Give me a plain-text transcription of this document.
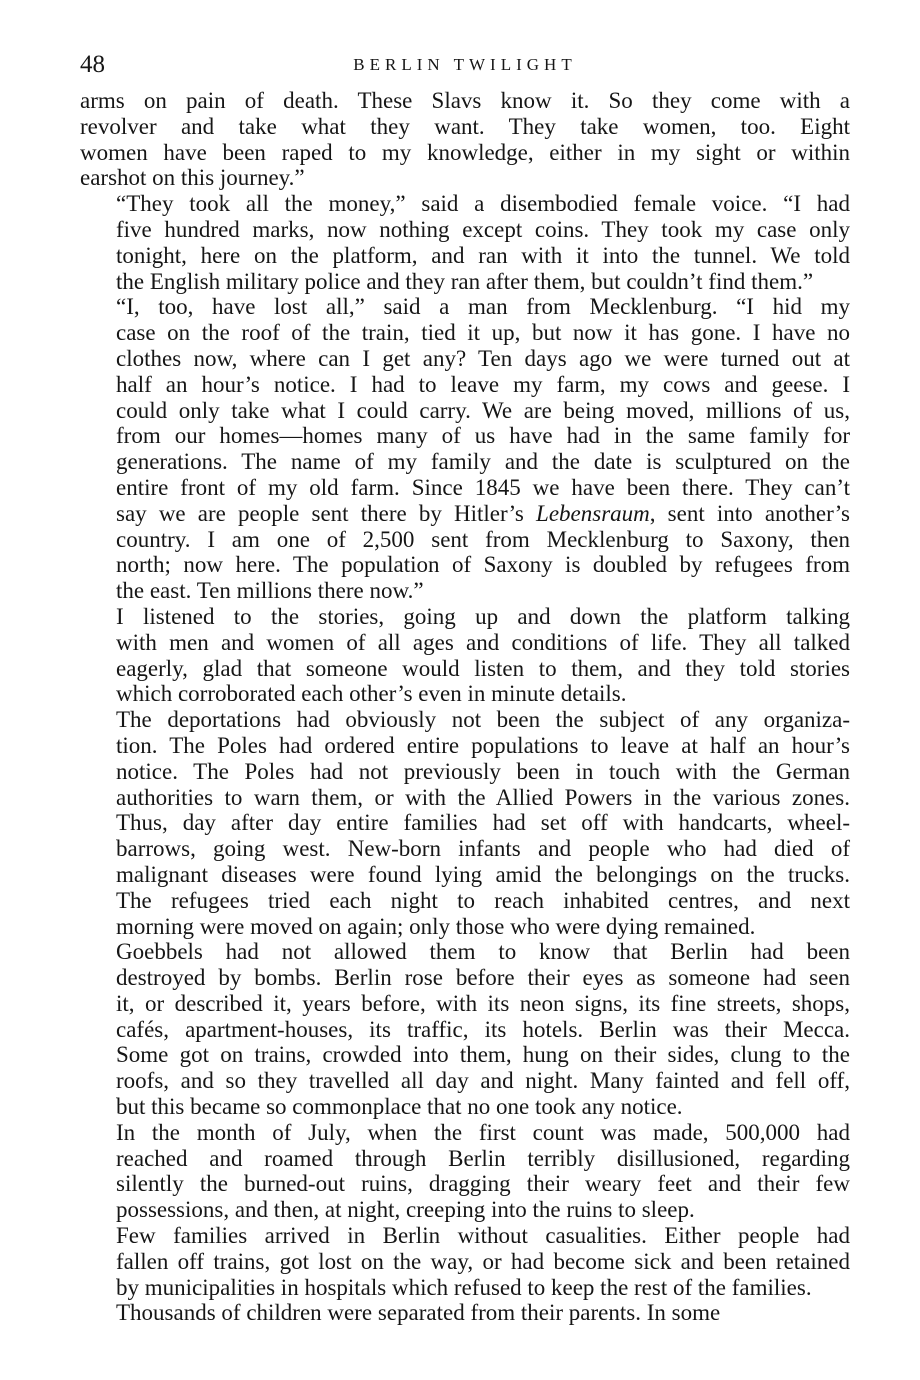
48	BERLIN TWILIGHT

arms on pain of death. These Slavs know it. So they come with a
revolver and take what they want. They take women, too. Eight
women have been raped to my knowledge, either in my sight or within
earshot on this journey.”

“They took all the money,” said a disembodied female voice. “I had
five hundred marks, now nothing except coins. They took my case only
tonight, here on the platform, and ran with it into the tunnel. We told
the English military police and they ran after them, but couldn’t find them.”

“I, too, have lost all,” said a man from Mecklenburg. “I hid my
case on the roof of the train, tied it up, but now it has gone. I have no
clothes now, where can I get any? Ten days ago we were turned out at
half an hour’s notice. I had to leave my farm, my cows and geese. I
could only take what I could carry. We are being moved, millions of us,
from our homes—homes many of us have had in the same family for
generations. The name of my family and the date is sculptured on the
entire front of my old farm. Since 1845 we have been there. They can’t
say we are people sent there by Hitler’s Lebensraum, sent into another’s
country. I am one of 2,500 sent from Mecklenburg to Saxony, then
north; now here. The population of Saxony is doubled by refugees from
the east. Ten millions there now.”

I listened to the stories, going up and down the platform talking
with men and women of all ages and conditions of life. They all talked
eagerly, glad that someone would listen to them, and they told stories
which corroborated each other’s even in minute details.

The deportations had obviously not been the subject of any organiza-
tion. The Poles had ordered entire populations to leave at half an hour’s
notice. The Poles had not previously been in touch with the German
authorities to warn them, or with the Allied Powers in the various zones.
Thus, day after day entire families had set off with handcarts, wheel-
barrows, going west. New-born infants and people who had died of
malignant diseases were found lying amid the belongings on the trucks.
The refugees tried each night to reach inhabited centres, and next
morning were moved on again; only those who were dying remained.

Goebbels had not allowed them to know that Berlin had been
destroyed by bombs. Berlin rose before their eyes as someone had seen
it, or described it, years before, with its neon signs, its fine streets, shops,
cafés, apartment-houses, its traffic, its hotels. Berlin was their Mecca.
Some got on trains, crowded into them, hung on their sides, clung to the
roofs, and so they travelled all day and night. Many fainted and fell off,
but this became so commonplace that no one took any notice.

In the month of July, when the first count was made, 500,000 had
reached and roamed through Berlin terribly disillusioned, regarding
silently the burned-out ruins, dragging their weary feet and their few
possessions, and then, at night, creeping into the ruins to sleep.

Few families arrived in Berlin without casualities. Either people had
fallen off trains, got lost on the way, or had become sick and been retained
by municipalities in hospitals which refused to keep the rest of the families.

Thousands of children were separated from their parents. In some
